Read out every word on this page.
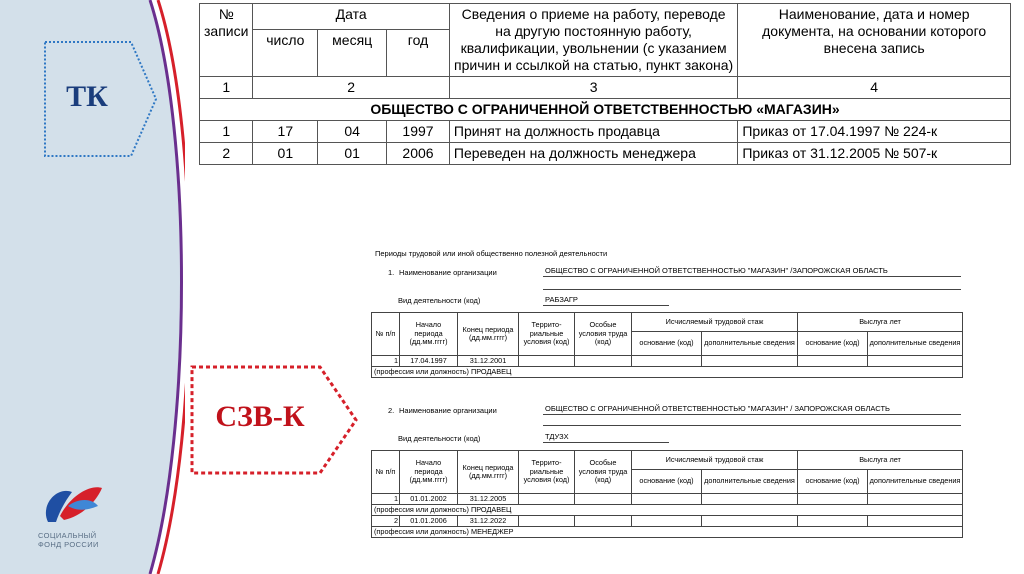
ТК
СЗВ-К
СОЦИАЛЬНЫЙ
ФОНД РОССИИ
№ записи	Дата			Сведения о приеме на работу, переводе на другую постоянную работу, квалификации, увольнении (с указанием причин и ссылкой на статью, пункт закона)	Наименование, дата и номер документа, на основании которого внесена запись
	число	месяц	год		
1	2			3	4
ОБЩЕСТВО С ОГРАНИЧЕННОЙ ОТВЕТСТВЕННОСТЬЮ «МАГАЗИН»					
1	17	04	1997	Принят на должность продавца	Приказ от 17.04.1997 № 224-к
2	01	01	2006	Переведен на должность менеджера	Приказ от 31.12.2005 № 507-к
Периоды трудовой или иной общественно полезной деятельности
1. Наименование организации	ОБЩЕСТВО С ОГРАНИЧЕННОЙ ОТВЕТСТВЕННОСТЬЮ "МАГАЗИН" /ЗАПОРОЖСКАЯ ОБЛАСТЬ
Вид деятельности (код)	РАБЗАГР
№ п/п	Начало периода (дд.мм.гггг)	Конец периода (дд.мм.гггг)	Террито-риальные условия (код)	Особые условия труда (код)	Исчисляемый трудовой стаж		Выслуга лет	
					основание (код)	дополнительные сведения	основание (код)	дополнительные сведения
1	17.04.1997	31.12.2001						
(профессия или должность) ПРОДАВЕЦ								
2. Наименование организации	ОБЩЕСТВО С ОГРАНИЧЕННОЙ ОТВЕТСТВЕННОСТЬЮ "МАГАЗИН" / ЗАПОРОЖСКАЯ ОБЛАСТЬ
Вид деятельности (код)	ТДУЗХ
№ п/п	Начало периода (дд.мм.гггг)	Конец периода (дд.мм.гггг)	Террито-риальные условия (код)	Особые условия труда (код)	Исчисляемый трудовой стаж		Выслуга лет	
					основание (код)	дополнительные сведения	основание (код)	дополнительные сведения
1	01.01.2002	31.12.2005						
(профессия или должность) ПРОДАВЕЦ								
2	01.01.2006	31.12.2022						
(профессия или должность) МЕНЕДЖЕР								
